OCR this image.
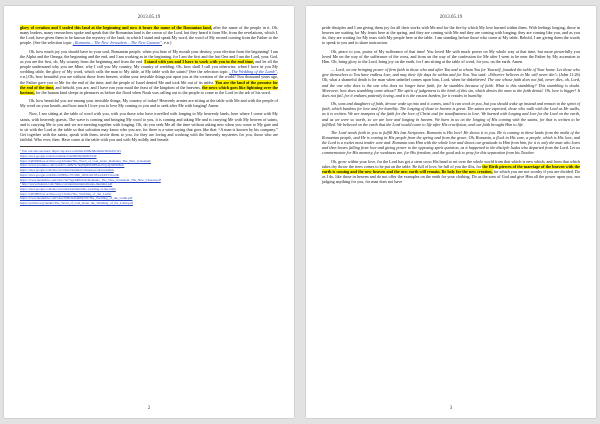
2013.05.19

glory of creation and I sealed this land at the beginning and now it bears the name of the Romanian land, after the name of the people in it. Oh, many leaders, many researchers spoke and speak that the Romanian land is the crown of the Lord, but they heard it from Me, from the revelations, which I, the Lord, have given them to be known the mystery of the land, in which I stand and speak My word, the word of My second coming from the Father to the people. (See the selection topic „Romania – The New Jerusalem – The New Canaan”, e.n.)

Oh, how much joy you should have in your soul, Romanian people, when you hear of My mouth your destiny, your election from the beginning! I am the Alpha and the Omega, the beginning and the end, and I am working as in the beginning, for I am the first and the last One and I am the Lord, your God, as you are the first, oh, My country from the beginning and from the end. I stand with you and I have to work with you in the end time, and let all the people understand why you are Mine, why I call you My country, My country of wedding. Oh, how shall I call you otherwise, when I have in you My wedding table, the glory of My word, which calls the man to My table, at My table with the saints? (See the selection topic „The Wedding of the Lamb”, e.n.) Oh, how beautiful you are without those from heaven, within your invisible things put upon you at the creation of the world! Two thousand years ago, the Father gave you to Me for the end of the time, and the people of Israel denied Me and took Me out of its midst. You are the land of the promise for the end of the time, and behold, you are, and I have run your maid the feast of the kingdom of the heavens, the news which goes like lightning over the horizon, for the human kind sleeps in pleasures as before the flood when Noah was calling out to the people to come to the Lord in the ark of his word.

Oh, how beautiful you are among your invisible things, My country of today! Heavenly armies are sitting at the table with Me and with the people of My word on your hearth, and how much I love you to love My coming to you and to seek after Me with longing! Amen.

Now, I am sitting at the table of word with you, with you those who have travelled with longing to My heavenly lands, here where I come with My saints, with heavenly guests. The wave is coming and bringing My word to you, it is coming and taking Me and is carrying Me with My heaven of saints, and is carrying Me to you and we are meeting together with longing. Oh, do you seek Me all the time without asking new when you come to My gate and to sit with the Lord at the table so that salvation may know who you are, for there is a wine saying that goes like that: “A man is known by his company.” Get together with the saints, speak with them, invite them to you, for they are loving and working with the heavenly mysteries for you, those who are faithful. Who ever, then. Have come at the table with you and with My mildly and female

¹ You can also see here: https://up.docs.com/dtk/22b8ef9b49a9a/0d3a45c5a5

https://docs.google.com/document/d/lieMfiz9pmt6DJ/edit

https://ia600406.us.archive.org/4/items/The_Word_of_God_about_Romania_The_New_Jerusalem/

https://www.youtube.com/watch?v=mBcYc3lqHgRf8d0Fhm1WjyQ2mHZ8oU

https://sites.google.com/site/cuvantuldomnului/romania-noul-ierusalim

https://docs.google.com/file/d/0B8w1YUvRk_tdN2oDc3EwaXhTVGs/edit

https://www.mediafire.com/view/3sf7lgq4tkfbmob/Romania_The_New_Jerusalem_The_New_Canaan.pdf

² http://www.fisierul.com/?link=cuvantuldomnului/nunta-mielului.pdf

https://sites.google.com/site/cuvantuldomnului/the-wedding-of-the-lamb

https://ia600803.us.archive.org/1/items/The_Wedding_of_the_Lamb/

https://www.mediafire.com/view/9r8e3n2ldm8p7z0/The_Wedding_of_the_Lamb.pdf

https://archive.org/details/The_Word_of_God_about_the_Wedding_of_the_Lamb.pdf

2
2013.05.19

pride disciples and I am giving them joy for all their works with Me and for the fire by which My love burned within them. With feelings longing, those in heaven are waiting for My feasts here at the spring, and they are coming with Me and they are coming with longing; they are coming like you, and as you do, they are waiting for My tears with My people here at the table. I am standing before those who come at My table. Behold, I am giving them the words to speak to you and to share instruction.

Oh, peace to you, praise of My sufferance of that time! You loved Me with much power on My whole way at that time, but more powerfully you loved Me on the way of the sufferance of the cross, and from on the way of the confession for Me after I went to be near the Father by My ascension to Him. Oh, bring glory to the Lord, bring joy on the earth, for I am sitting at the table of word, for you, on the earth. Amen.

— Lord, we are bringing power of firm faith in those who and after You and to whom You for Yourself, founded the table of Your home. Let those who give themselves to You have endless love, and may their life days be within and for You. You said: «Whoever believes in Me will never die!» (John 11:26) Oh, what a shameful death is for man when unbelief comes upon him, Lord, when he disbelieves! The one whose faith does not fail, never dies, oh, Lord, and the one who does is the one who does no longer have faith, for he stumbles because of faith. What is this stumbling? This stumbling is doubt. Moreover, how does stumbling come about? The spirit of judgement is the birth of this sin, which denies the man to the faith denial. Oh, love is bigger! It does not fail, for it endures patiently loving, and it is the easiest burden, for it resides in humility.

Oh, sons and daughters of faith, devour wake up into and it comes, until it can work in you, but you should wake up instead and remain in the spirit of faith, which burdens for love and for humility. The longing of those in heaven is great. The saints are expected, those who walk with the Lord as He walks, as it is written. We are trumpets of the faith for the love of Christ and for steadfastness to love. We burned with longing and love for the Lord on the earth, and as we were so worth, so we are love and longing in heaven. We burn in us on the longing of His coming with the saints, for that is written to be fulfilled. We believed on the earth that the Lord would come to life after His crucifixion, and our faith brought Him to life.

The Lord needs faith in you to fulfill His last Scriptures. Romania is His love! He shows it to you. He is coming in these lands from the midst of the Romanian people, and He is coming in His people from the spring and from the grace. Oh, Romania, a flock in His care, a people, which is His love, and the Lord is a rocket most tender care and. Romania was Him with the whole love and shows our gratitude to Him from him, for it is only the man who loves and then leaves falling from love and giving power to the opposing spirit question, as it happened to the disciple Judas who departed from the Lord. Let us commemorate for His memory, for weakness are, for His freedom, and the good ask to pray for this separation from his Teacher.

Oh, grow within your love, for the Lord has got a stern cross His hand to set over the whole world from that which is new which, and from that which takes dry throw the trees comes to be put on the table. Be full of love, be full of you the illis, for the Birth pierces of the marriage of the heaven with the earth is coming and the new heaven and the new earth will remain. Be holy for the new creation, for which you are not worthy if you are divided. Do as I do, like those in heaven and do not offer the examples on the earth for your clothing. Do as the sons of God and give Him all the power upon you, nor judging anything for you, for man does not have

3
